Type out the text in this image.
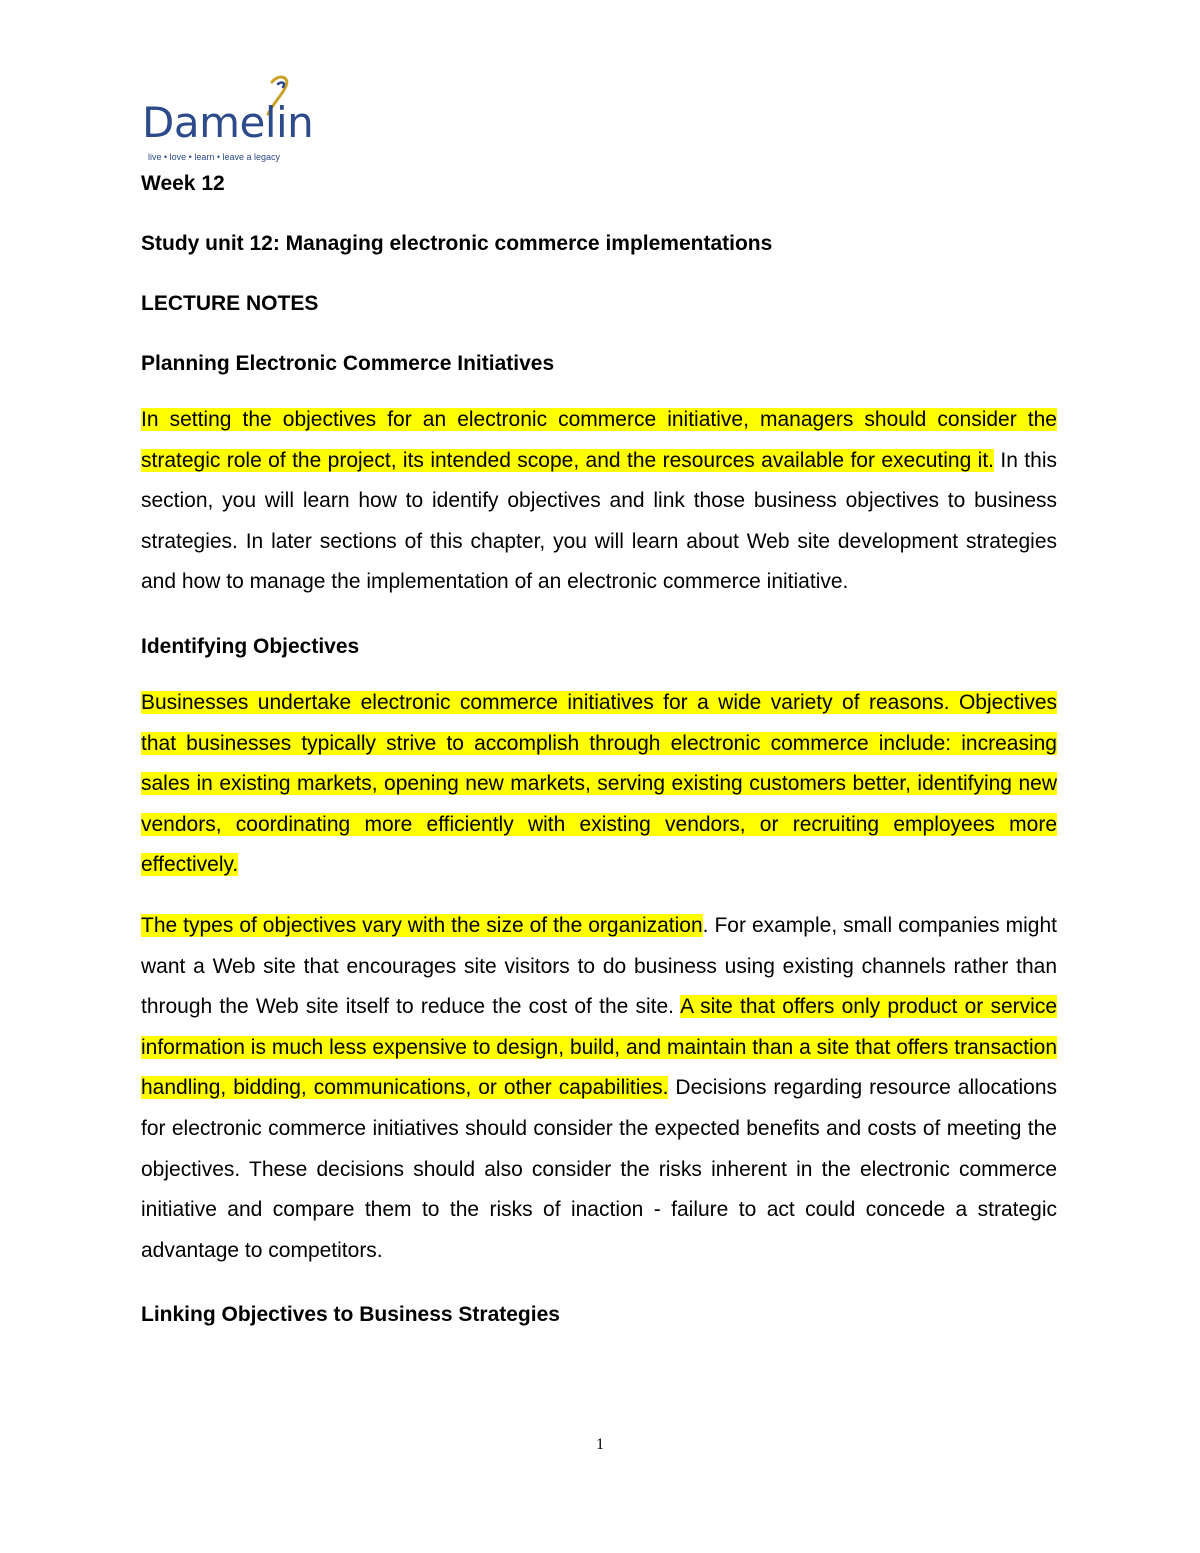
Damelin
live • love • learn • leave a legacy

Week 12

Study unit 12: Managing electronic commerce implementations

LECTURE NOTES

Planning Electronic Commerce Initiatives

In setting the objectives for an electronic commerce initiative, managers should consider the strategic role of the project, its intended scope, and the resources available for executing it. In this section, you will learn how to identify objectives and link those business objectives to business strategies. In later sections of this chapter, you will learn about Web site development strategies and how to manage the implementation of an electronic commerce initiative.

Identifying Objectives

Businesses undertake electronic commerce initiatives for a wide variety of reasons. Objectives that businesses typically strive to accomplish through electronic commerce include: increasing sales in existing markets, opening new markets, serving existing customers better, identifying new vendors, coordinating more efficiently with existing vendors, or recruiting employees more effectively.

The types of objectives vary with the size of the organization. For example, small companies might want a Web site that encourages site visitors to do business using existing channels rather than through the Web site itself to reduce the cost of the site. A site that offers only product or service information is much less expensive to design, build, and maintain than a site that offers transaction handling, bidding, communications, or other capabilities. Decisions regarding resource allocations for electronic commerce initiatives should consider the expected benefits and costs of meeting the objectives. These decisions should also consider the risks inherent in the electronic commerce initiative and compare them to the risks of inaction - failure to act could concede a strategic advantage to competitors.

Linking Objectives to Business Strategies

1
